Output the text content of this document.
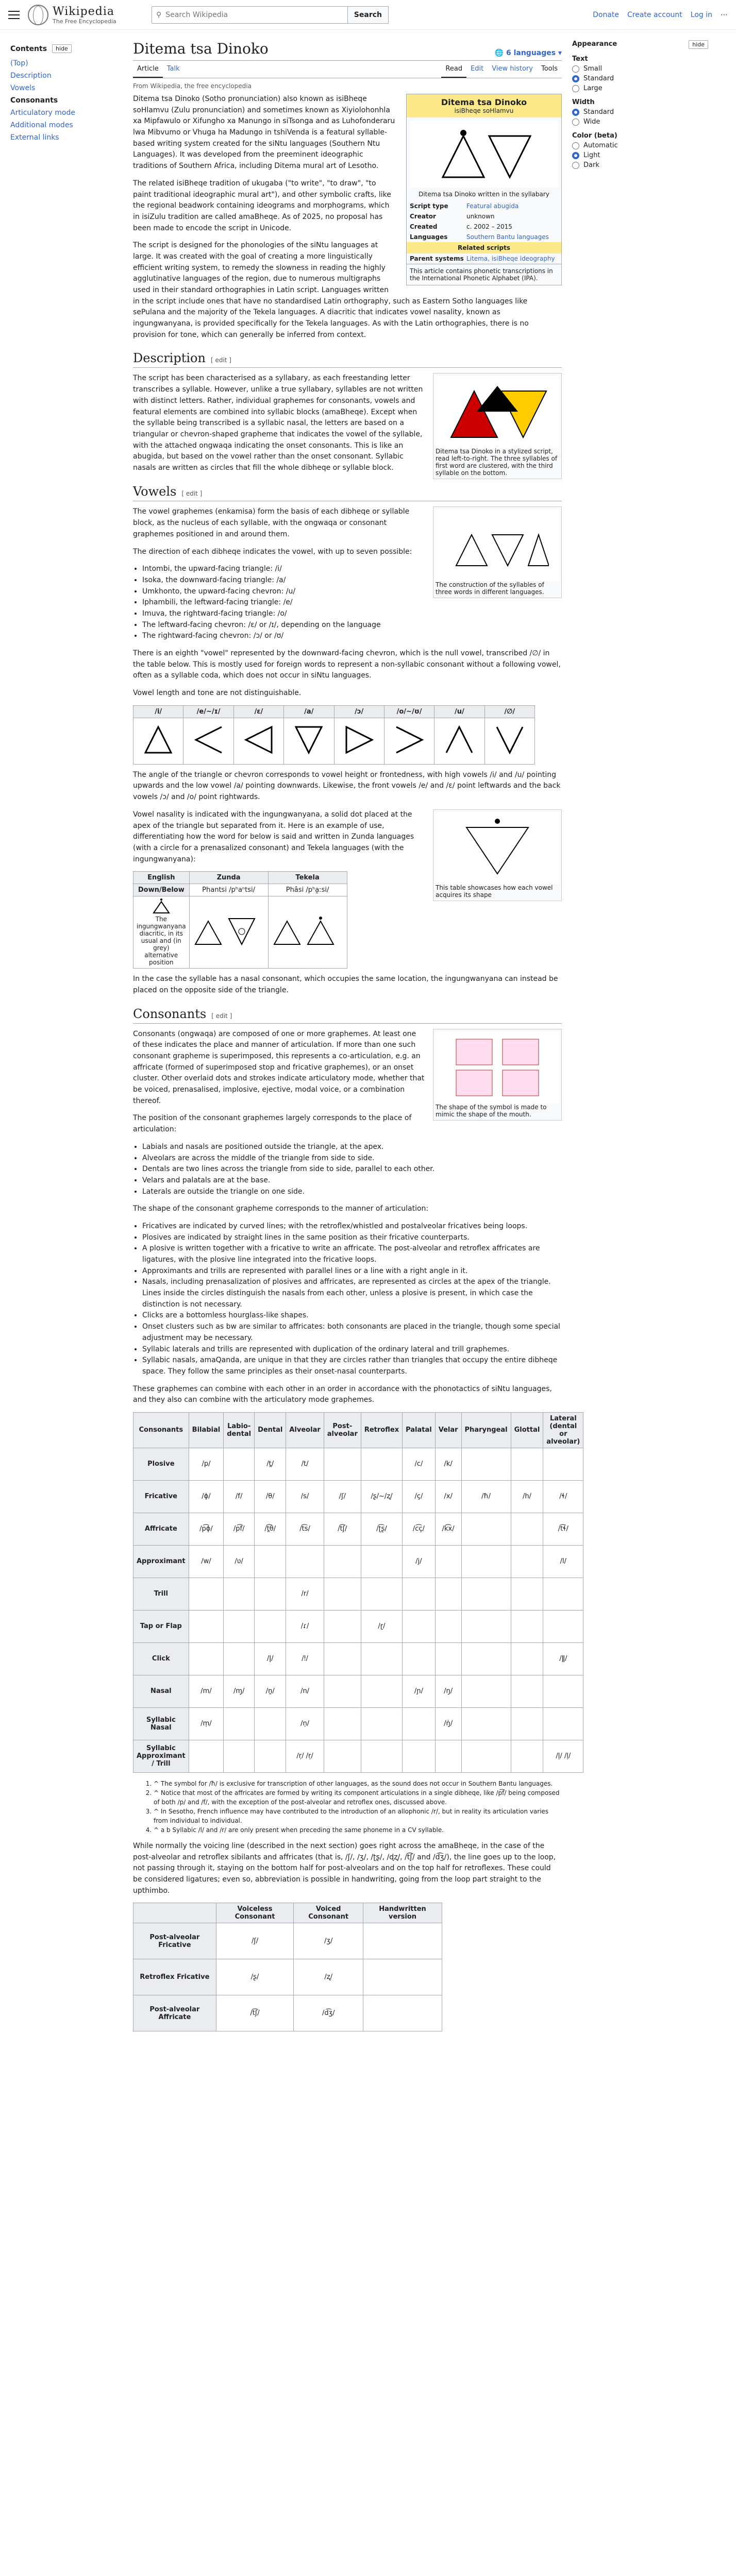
Wikipedia
The Free Encyclopedia
⚲ Search Wikipedia	Search	Donate Create account Log in ⋯
Contents	hide
(Top)
Description
Vowels
Consonants
Articulatory mode
Additional modes
External links
Ditema tsa Dinoko	🌐 6 languages ▾
Article	Talk	Read	Edit	View history	Tools
From Wikipedia, the free encyclopedia
Ditema tsa Dinoko
isiBheqe soHlamvu
Ditema tsa Dinoko written in the syllabary
Script type	Featural abugida
Creator	unknown
Created	c. 2002 – 2015
Languages	Southern Bantu languages
Related scripts
Parent systems Litema, isiBheqe ideography
This article contains phonetic transcriptions in the International Phonetic Alphabet (IPA).

Ditema tsa Dinoko (Sotho pronunciation) also known as isiBheqe soHlamvu (Zulu pronunciation) and sometimes known as Xiyiolohonhla xa Mipfawulo or Xifungho xa Manungo in siTsonga and as Luhofonderaru lwa Mibvumo or Vhuga ha Madungo in tshiVenda is a featural syllable-based writing system created for the siNtu languages (Southern Ntu Languages). It was developed from the preeminent ideographic traditions of Southern Africa, including Ditema mural art of Lesotho.

The related isiBheqe tradition of ukugaba ("to write", "to draw", "to paint traditional ideographic mural art"), and other symbolic crafts, like the regional beadwork containing ideograms and morphograms, which in isiZulu tradition are called amaBheqe. As of 2025, no proposal has been made to encode the script in Unicode.

The script is designed for the phonologies of the siNtu languages at large. It was created with the goal of creating a more linguistically efficient writing system, to remedy the slowness in reading the highly agglutinative languages of the region, due to numerous multigraphs used in their standard orthographies in Latin script. Languages written in the script include ones that have no standardised Latin orthography, such as Eastern Sotho languages like sePulana and the majority of the Tekela languages. A diacritic that indicates vowel nasality, known as ingungwanyana, is provided specifically for the Tekela languages. As with the Latin orthographies, there is no provision for tone, which can generally be inferred from context.

Description [ edit ]
Ditema tsa Dinoko in a stylized script, read left-to-right. The three syllables of first word are clustered, with the third syllable on the bottom.

The script has been characterised as a syllabary, as each freestanding letter transcribes a syllable. However, unlike a true syllabary, syllables are not written with distinct letters. Rather, individual graphemes for consonants, vowels and featural elements are combined into syllabic blocks (amaBheqe). Except when the syllable being transcribed is a syllabic nasal, the letters are based on a triangular or chevron-shaped grapheme that indicates the vowel of the syllable, with the attached ongwaqa indicating the onset consonants. This is like an abugida, but based on the vowel rather than the onset consonant. Syllabic nasals are written as circles that fill the whole dibheqe or syllable block.

Vowels [ edit ]
The construction of the syllables of three words in different languages.

The vowel graphemes (enkamisa) form the basis of each dibheqe or syllable block, as the nucleus of each syllable, with the ongwaqa or consonant graphemes positioned in and around them.

The direction of each dibheqe indicates the vowel, with up to seven possible:

• Intombi, the upward-facing triangle: /i/
• Isoka, the downward-facing triangle: /a/
• Umkhonto, the upward-facing chevron: /u/
• Iphambili, the leftward-facing triangle: /e/
• Imuva, the rightward-facing triangle: /o/
• The leftward-facing chevron: /ɛ/ or /ɪ/, depending on the language
• The rightward-facing chevron: /ɔ/ or /ʊ/

There is an eighth "vowel" represented by the downward-facing chevron, which is the null vowel, transcribed /∅/ in the table below. This is mostly used for foreign words to represent a non-syllabic consonant without a following vowel, often as a syllable coda, which does not occur in siNtu languages.

Vowel length and tone are not distinguishable.

/i/	/e/~/ɪ/	/ɛ/	/a/	/ɔ/	/o/~/ʊ/	/u/	/∅/

The angle of the triangle or chevron corresponds to vowel height or frontedness, with high vowels /i/ and /u/ pointing upwards and the low vowel /a/ pointing downwards. Likewise, the front vowels /e/ and /ɛ/ point leftwards and the back vowels /ɔ/ and /o/ point rightwards.

This table showcases how each vowel acquires its shape

Vowel nasality is indicated with the ingungwanyana, a solid dot placed at the apex of the triangle but separated from it. Here is an example of use, differentiating how the word for below is said and written in Zunda languages (with a circle for a prenasalized consonant) and Tekela languages (with the ingungwanyana):

English	Zunda	Tekela
Down/Below	Phantsi /pʰaⁿtsi/	Phâsi /pʰa̰ːsi/

The ingungwanyana diacritic, in its usual and (in grey) alternative position

In the case the syllable has a nasal consonant, which occupies the same location, the ingungwanyana can instead be placed on the opposite side of the triangle.

Consonants [ edit ]
The shape of the symbol is made to mimic the shape of the mouth.

Consonants (ongwaqa) are composed of one or more graphemes. At least one of these indicates the place and manner of articulation. If more than one such consonant grapheme is superimposed, this represents a co-articulation, e.g. an affricate (formed of superimposed stop and fricative graphemes), or an onset cluster. Other overlaid dots and strokes indicate articulatory mode, whether that be voiced, prenasalised, implosive, ejective, modal voice, or a combination thereof.

The position of the consonant graphemes largely corresponds to the place of articulation:

• Labials and nasals are positioned outside the triangle, at the apex.
• Alveolars are across the middle of the triangle from side to side.
• Dentals are two lines across the triangle from side to side, parallel to each other.
• Velars and palatals are at the base.
• Laterals are outside the triangle on one side.

The shape of the consonant grapheme corresponds to the manner of articulation:

• Fricatives are indicated by curved lines; with the retroflex/whistled and postalveolar fricatives being loops.
• Plosives are indicated by straight lines in the same position as their fricative counterparts.
• A plosive is written together with a fricative to write an affricate. The post-alveolar and retroflex affricates are ligatures, with the plosive line integrated into the fricative loops.
• Approximants and trills are represented with parallel lines or a line with a right angle in it.
• Nasals, including prenasalization of plosives and affricates, are represented as circles at the apex of the triangle. Lines inside the circles distinguish the nasals from each other, unless a plosive is present, in which case the distinction is not necessary.
• Clicks are a bottomless hourglass-like shapes.
• Onset clusters such as bw are similar to affricates: both consonants are placed in the triangle, though some special adjustment may be necessary.
• Syllabic laterals and trills are represented with duplication of the ordinary lateral and trill graphemes.
• Syllabic nasals, amaQanda, are unique in that they are circles rather than triangles that occupy the entire dibheqe space. They follow the same principles as their onset-nasal counterparts.

These graphemes can combine with each other in an order in accordance with the phonotactics of siNtu languages, and they also can combine with the articulatory mode graphemes.

Consonants	Bilabial	Labio-dental	Dental	Alveolar	Post-alveolar	Retroflex	Palatal	Velar	Pharyngeal	Glottal	Lateral (dental or alveolar)
Plosive	/p/		/t̪/	/t/			/c/	/k/			
Fricative	/ɸ/	/f/	/θ/	/s/	/ʃ/	/ʂ/~/ʐ/	/ç/	/x/	/ħ/	/h/	/ɬ/
Affricate	/p͡ɸ/	/p͡f/	/t̪͡θ/	/t͡s/	/t͡ʃ/	/ʈ͡ʂ/	/c͡ç/	/k͡x/			/t͡ɬ/
Approximant	/w/	/ʋ/					/j/				/l/
Trill				/r/							
Tap or Flap				/ɾ/		/ɽ/					
Click			/ǀ/	/ǃ/							/ǁ/
Nasal	/m/	/ɱ/	/n̪/	/n/			/ɲ/	/ŋ/			
Syllabic Nasal	/m̩/			/n̩/				/ŋ̍/			
Syllabic Approximant / Trill				/r̩/ /r̩/							/l̩/ /l̩/
1. ^ The symbol for /ħ/ is exclusive for transcription of other languages, as the sound does not occur in Southern Bantu languages.
2. ^ Notice that most of the affricates are formed by writing its component articulations in a single dibheqe, like /p͡f/ being composed of both /p/ and /f/, with the exception of the post-alveolar and retroflex ones, discussed above.
3. ^ In Sesotho, French influence may have contributed to the introduction of an allophonic /r/, but in reality its articulation varies from individual to individual.
4. ^ a b Syllabic /l/ and /r/ are only present when preceding the same phoneme in a CV syllable.

While normally the voicing line (described in the next section) goes right across the amaBheqe, in the case of the post-alveolar and retroflex sibilants and affricates (that is, /ʃ/, /ʒ/, /ʈʂ/, /ɖʐ/, /t͡ʃ/ and /d͡ʒ/), the line goes up to the loop, not passing through it, staying on the bottom half for post-alveolars and on the top half for retroflexes. These could be considered ligatures; even so, abbreviation is possible in handwriting, going from the loop part straight to the upthimbo.

	Voiceless Consonant	Voiced Consonant	Handwritten version
Post-alveolar Fricative	/ʃ/	/ʒ/	
Retroflex Fricative	/ʂ/	/ʐ/	
Post-alveolar Affricate	/t͡ʃ/	/d͡ʒ/	
Appearance	hide
Text
Small
Standard
Large
Width
Standard
Wide
Color (beta)
Automatic
Light
Dark
